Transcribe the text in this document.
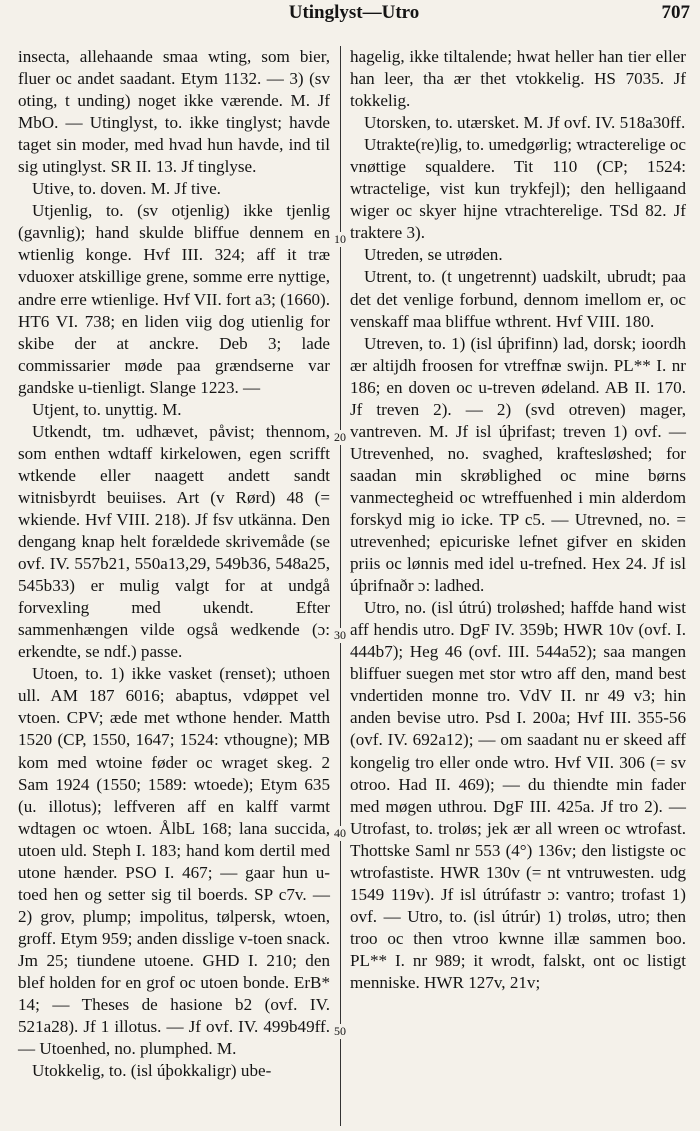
Utinglyst—Utro	707

insecta, allehaande smaa wting, som bier, fluer oc andet saadant. Etym 1132. — 3) (sv oting, t unding) noget ikke værende. M. Jf MbO. — Utinglyst, to. ikke tinglyst; havde taget sin moder, med hvad hun havde, ind til sig utinglyst. SR II. 13. Jf tinglyse.

Utive, to. doven. M. Jf tive.

Utjenlig, to. (sv otjenlig) ikke tjenlig (gavnlig); hand skulde bliffue dennem en wtienlig konge. Hvf III. 324; aff it træ vduoxer atskillige grene, somme erre nyttige, andre erre wtienlige. Hvf VII. fort a3; (1660). HT6 VI. 738; en liden viig dog utienlig for skibe der at anckre. Deb 3; lade commissarier møde paa grændserne var gandske u-tienligt. Slange 1223. —

Utjent, to. unyttig. M.

Utkendt, tm. udhævet, påvist; thennom, som enthen wdtaff kirkelowen, egen scrifft wtkende eller naagett andett sandt witnisbyrdt beuiises. Art (v Rørd) 48 (= wkiende. Hvf VIII. 218). Jf fsv utkänna. Den dengang knap helt forældede skrivemåde (se ovf. IV. 557b21, 550a13,29, 549b36, 548a25, 545b33) er mulig valgt for at undgå forvexling med ukendt. Efter sammenhængen vilde også wedkende (ɔ: erkendte, se ndf.) passe.

Utoen, to. 1) ikke vasket (renset); uthoen ull. AM 187 6016; abaptus, vdøppet vel vtoen. CPV; æde met wthone hender. Matth 1520 (CP, 1550, 1647; 1524: vthougne); MB kom med wtoine føder oc wraget skeg. 2 Sam 1924 (1550; 1589: wtoede); Etym 635 (u. illotus); leffveren aff en kalff varmt wdtagen oc wtoen. ÅlbL 168; lana succida, utoen uld. Steph I. 183; hand kom dertil med utone hænder. PSO I. 467; — gaar hun u-toed hen og setter sig til boerds. SP c7v. — 2) grov, plump; impolitus, tølpersk, wtoen, groff. Etym 959; anden disslige v-toen snack. Jm 25; tiundene utoene. GHD I. 210; den blef holden for en grof oc utoen bonde. ErB* 14; — Theses de hasione b2 (ovf. IV. 521a28). Jf 1 illotus. — Jf ovf. IV. 499b49ff. — Utoenhed, no. plumphed. M.

Utokkelig, to. (isl úþokkaligr) ube-

10
20
30
40
50

hagelig, ikke tiltalende; hwat heller han tier eller han leer, tha ær thet vtokkelig. HS 7035. Jf tokkelig.

Utorsken, to. utærsket. M. Jf ovf. IV. 518a30ff.

Utrakte(re)lig, to. umedgørlig; wtracterelige oc vnøttige squaldere. Tit 110 (CP; 1524: wtractelige, vist kun trykfejl); den helligaand wiger oc skyer hijne vtrachterelige. TSd 82. Jf traktere 3).

Utreden, se utrøden.

Utrent, to. (t ungetrennt) uadskilt, ubrudt; paa det det venlige forbund, dennom imellom er, oc venskaff maa bliffue wthrent. Hvf VIII. 180.

Utreven, to. 1) (isl úþrifinn) lad, dorsk; ioordh ær altijdh froosen for vtreffnæ swijn. PL** I. nr 186; en doven oc u-treven ødeland. AB II. 170. Jf treven 2). — 2) (svd otreven) mager, vantreven. M. Jf isl úþrifast; treven 1) ovf. — Utrevenhed, no. svaghed, kraftesløshed; for saadan min skrøblighed oc mine børns vanmectegheid oc wtreffuenhed i min alderdom forskyd mig io icke. TP c5. — Utrevned, no. = utrevenhed; epicuriske lefnet gifver en skiden priis oc lønnis med idel u-trefned. Hex 24. Jf isl úþrifnaðr ɔ: ladhed.

Utro, no. (isl útrú) troløshed; haffde hand wist aff hendis utro. DgF IV. 359b; HWR 10v (ovf. I. 444b7); Heg 46 (ovf. III. 544a52); saa mangen bliffuer suegen met stor wtro aff den, mand best vndertiden monne tro. VdV II. nr 49 v3; hin anden bevise utro. Psd I. 200a; Hvf III. 355-56 (ovf. IV. 692a12); — om saadant nu er skeed aff kongelig tro eller onde wtro. Hvf VII. 306 (= sv otroo. Had II. 469); — du thiendte min fader med møgen uthrou. DgF III. 425a. Jf tro 2). — Utrofast, to. troløs; jek ær all wreen oc wtrofast. Thottske Saml nr 553 (4°) 136v; den listigste oc wtrofastiste. HWR 130v (= nt vntruwesten. udg 1549 119v). Jf isl útrúfastr ɔ: vantro; trofast 1) ovf. — Utro, to. (isl útrúr) 1) troløs, utro; then troo oc then vtroo kwnne illæ sammen boo. PL** I. nr 989; it wrodt, falskt, ont oc listigt menniske. HWR 127v, 21v;
